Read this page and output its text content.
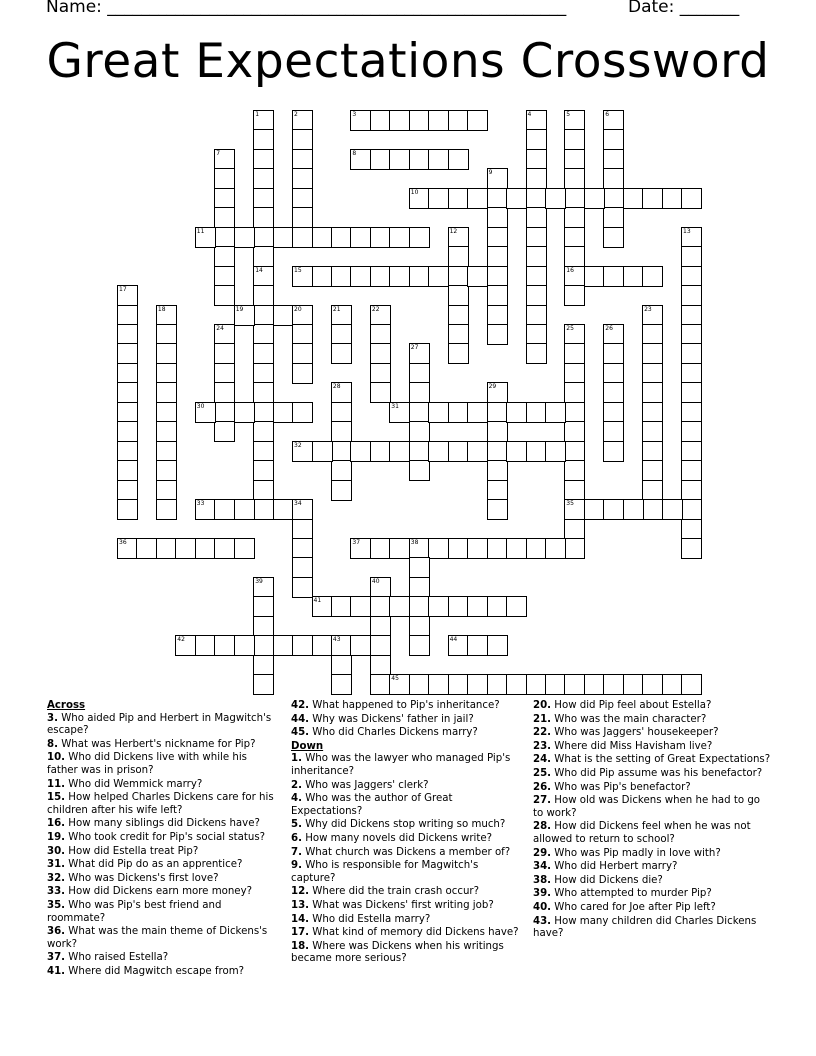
Name: ______________________________________________________	Date: _______
Great Expectations Crossword
1	2	3	4	5	6
7	8
9
10
11	12	13
14	15	16
17
18	19	20	21	22	23
24	25	26
27
28	29
30	31
32
33	34	35
36	37	38
39	40
41
42	43	44
45
Across
3. Who aided Pip and Herbert in Magwitch's escape?
8. What was Herbert's nickname for Pip?
10. Who did Dickens live with while his father was in prison?
11. Who did Wemmick marry?
15. How helped Charles Dickens care for his children after his wife left?
16. How many siblings did Dickens have?
19. Who took credit for Pip's social status?
30. How did Estella treat Pip?
31. What did Pip do as an apprentice?
32. Who was Dickens's first love?
33. How did Dickens earn more money?
35. Who was Pip's best friend and roommate?
36. What was the main theme of Dickens's work?
37. Who raised Estella?
41. Where did Magwitch escape from?
42. What happened to Pip's inheritance?
44. Why was Dickens' father in jail?
45. Who did Charles Dickens marry?
Down
1. Who was the lawyer who managed Pip's inheritance?
2. Who was Jaggers' clerk?
4. Who was the author of Great Expectations?
5. Why did Dickens stop writing so much?
6. How many novels did Dickens write?
7. What church was Dickens a member of?
9. Who is responsible for Magwitch's capture?
12. Where did the train crash occur?
13. What was Dickens' first writing job?
14. Who did Estella marry?
17. What kind of memory did Dickens have?
18. Where was Dickens when his writings became more serious?
20. How did Pip feel about Estella?
21. Who was the main character?
22. Who was Jaggers' housekeeper?
23. Where did Miss Havisham live?
24. What is the setting of Great Expectations?
25. Who did Pip assume was his benefactor?
26. Who was Pip's benefactor?
27. How old was Dickens when he had to go to work?
28. How did Dickens feel when he was not allowed to return to school?
29. Who was Pip madly in love with?
34. Who did Herbert marry?
38. How did Dickens die?
39. Who attempted to murder Pip?
40. Who cared for Joe after Pip left?
43. How many children did Charles Dickens have?
